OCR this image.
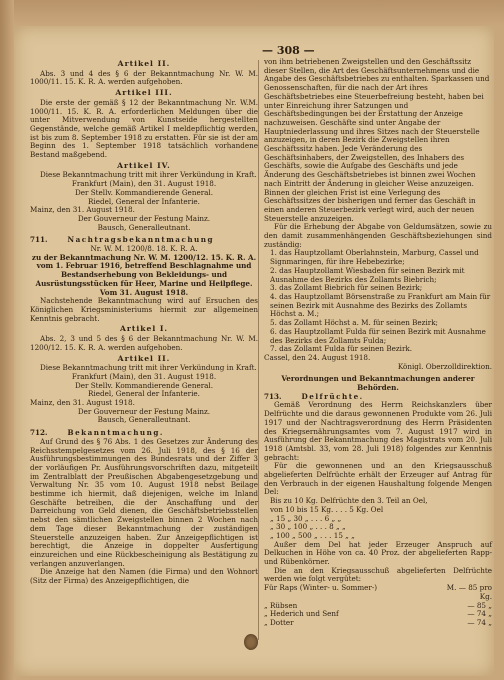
— 308 —
Artikel II.
Abs. 3 und 4 des § 6 der Bekanntmachung Nr. W. M. 1000/11. 15. K. R. A. werden aufgehoben.
Artikel III.
Die erste der gemäß § 12 der Bekanntmachung Nr. W.M. 1000/11. 15. K. R. A. erforderlichen Meldungen über die unter Mitverwendung von Kunstseide hergestellten Gegenstände, welche gemäß Artikel I meldepflichtig werden, ist bis zum 8. September 1918 zu erstatten. Für sie ist der am Beginn des 1. September 1918 tatsächlich vorhandene Bestand maßgebend.
Artikel IV.
Diese Bekanntmachung tritt mit ihrer Verkündung in Kraft.
Frankfurt (Main), den 31. August 1918.
Der Stellv. Kommandierende General.
Riedel, General der Infanterie.
Mainz, den 31. August 1918.
Der Gouverneur der Festung Mainz.
Bausch, Generalleutnant.
711.	Nachtragsbekanntmachung
Nr. W. M. 1200/8. 18. K. R. A.
zu der Bekanntmachung Nr. W. M. 1200/12. 15. K. R. A. vom 1. Februar 1916, betreffend Beschlagnahme und Bestandserhebung von Bekleidungs- und Ausrüstungsstücken für Heer, Marine und Heilpflege.
Vom 31. August 1918.
Nachstehende Bekanntmachung wird auf Ersuchen des Königlichen Kriegsministeriums hiermit zur allgemeinen Kenntnis gebracht.
Artikel I.
Abs. 2, 3 und 5 des § 6 der Bekanntmachung Nr. W. M. 1200/12. 15. K. R. A. werden aufgehoben.
Artikel II.
Diese Bekanntmachung tritt mit ihrer Verkündung in Kraft.
Frankfurt (Main), den 31. August 1918.
Der Stellv. Kommandierende General.
Riedel, General der Infanterie.
Mainz, den 31. August 1918.
Der Gouverneur der Festung Mainz.
Bausch, Generalleutnant.
712.	Bekanntmachung.
Auf Grund des § 76 Abs. 1 des Gesetzes zur Änderung des Reichsstempelgesetzes vom 26. Juli 1918, des § 16 der Ausführungsbestimmungen des Bundesrats und der Ziffer 3 der vorläufigen Pr. Ausführungsvorschriften dazu, mitgeteilt im Zentralblatt der Preußischen Abgabengesetzgebung und Verwaltung Nr. 35 vom 10. August 1918 nebst Beilage bestimme ich hiermit, daß diejenigen, welche im Inland Geschäfte betreiben, die der Anschaffung und der Darreichung von Geld dienen, die Geschäftsbetriebsstellen nebst den sämtlichen Zweigstellen binnen 2 Wochen nach dem Tage dieser Bekanntmachung der zuständigen Steuerstelle anzuzeigen haben. Zur Anzeigepflichtigen ist berechtigt, die Anzeige in doppelter Ausfertigung einzureichen und eine Rückbescheinigung als Bestätigung zu verlangen anzuverlangen.
Die Anzeige hat den Namen (die Firma) und den Wohnort (Sitz der Firma) des Anzeigepflichtigen, die
von ihm betriebenen Zweigstellen und den Geschäftssitz dieser Stellen, die Art des Geschäftsunternehmens und die Angabe des Geschäftsbetriebes zu enthalten. Sparkassen und Genossenschaften, für die nach der Art ihres Geschäftsbetriebes eine Steuerbefreiung besteht, haben bei unter Einreichung ihrer Satzungen und Geschäftsbedingungen bei der Erstattung der Anzeige nachzuweisen. Geschäfte sind unter Angabe der Hauptniederlassung und ihres Sitzes nach der Steuerstelle anzuzeigen, in deren Bezirk die Zweigstellen ihren Geschäftssitz haben. Jede Veränderung des Geschäftsinhabers, der Zweigstellen, des Inhabers des Geschäfts, sowie die Aufgabe des Geschäfts und jede Änderung des Geschäftsbetriebes ist binnen zwei Wochen nach Eintritt der Änderung in gleicher Weise anzuzeigen. Binnen der gleichen Frist ist eine Verlegung des Geschäftssitzes der bisherigen und ferner das Geschäft in einen anderen Steuerbezirk verlegt wird, auch der neuen Steuerstelle anzuzeigen.
Für die Erhebung der Abgabe von Geldumsätzen, sowie zu den damit zusammenhängenden Geschäftsbeziehungen sind zuständig:
1. das Hauptzollamt Oberlahnstein, Marburg, Cassel und Signmaringen, für ihre Hebebezirke;
2. das Hauptzollamt Wiesbaden für seinen Bezirk mit Ausnahme des Bezirks des Zollamts Biebrich;
3. das Zollamt Biebrich für seinen Bezirk;
4. das Hauptzollamt Börsenstraße zu Frankfurt am Main für seinen Bezirk mit Ausnahme des Bezirks des Zollamts Höchst a. M.;
5. das Zollamt Höchst a. M. für seinen Bezirk;
6. das Hauptzollamt Fulda für seinen Bezirk mit Ausnahme des Bezirks des Zollamts Fulda;
7. das Zollamt Fulda für seinen Bezirk.
Cassel, den 24. August 1918.
Königl. Oberzolldirektion.
Verordnungen und Bekanntmachungen anderer Behörden.
713.	Delfrüchte.
Gemäß Verordnung des Herrn Reichskanzlers über Delfrüchte und die daraus gewonnenen Produkte vom 26. Juli 1917 und der Nachtragsverordnung des Herrn Präsidenten des Kriegsernährungsamtes vom 7. August 1917 wird in Ausführung der Bekanntmachung des Magistrats vom 20. Juli 1918 (Amtsbl. 33, vom 28. Juli 1918) folgendes zur Kenntnis gebracht:
Für die gewonnenen und an den Kriegsausschuß abgelieferten Delfrüchte erhält der Erzeuger auf Antrag für den Verbrauch in der eigenen Haushaltung folgende Mengen Del:
Bis zu 10 Kg. Delfrüchte den 3. Teil an Oel,
von 10 bis 15 Kg. . . . 5 Kg. Oel
„ 15 „ 30 „ . . . 6 „ „
„ 30 „ 100 „ . . . 8 „ „
„ 100 „ 500 „ . . . 15 „ „
Außer dem Del hat jeder Erzeuger Anspruch auf Delkuchen in Höhe von ca. 40 Proz. der abgelieferten Rapp- und Rübenkörner.
Die an den Kriegsausschuß abgelieferten Delfrüchte werden wie folgt vergütet:
Für Raps (Winter- u. Sommer-)	M. — 85 pro Kg.
„ Rübsen	— 85 „
„ Hederich und Senf	— 74 „
„ Dotter	— 74 „
